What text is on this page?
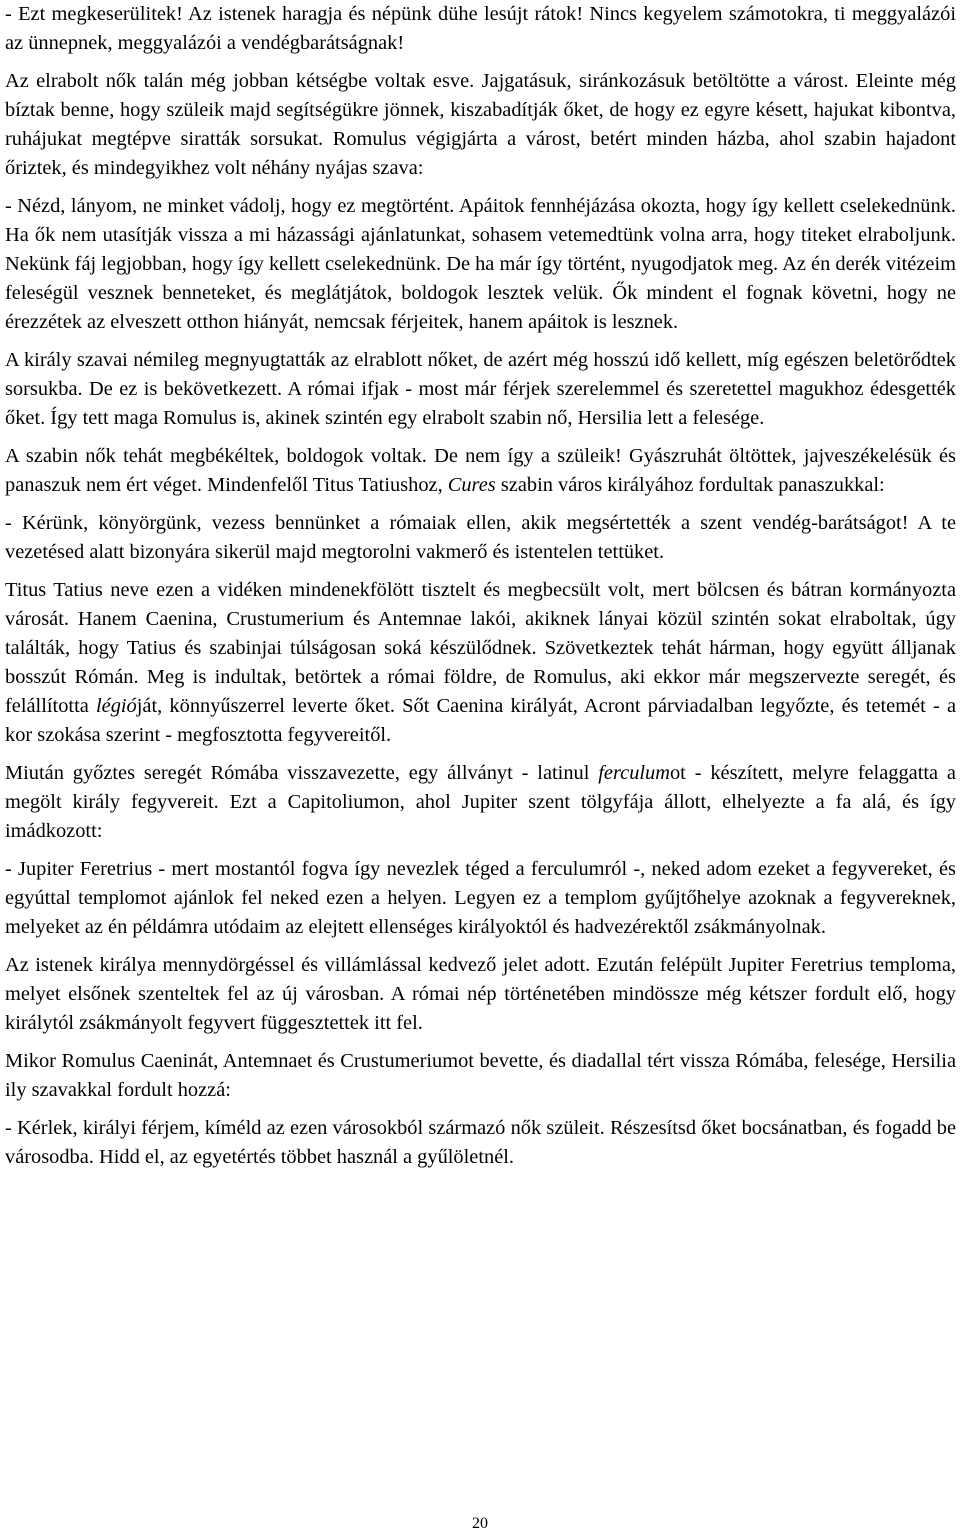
- Ezt megkeserülitek! Az istenek haragja és népünk dühe lesújt rátok! Nincs kegyelem számotokra, ti meggyalázói az ünnepnek, meggyalázói a vendégbarátságnak!

Az elrabolt nők talán még jobban kétségbe voltak esve. Jajgatásuk, siránkozásuk betöltötte a várost. Eleinte még bíztak benne, hogy szüleik majd segítségükre jönnek, kiszabadítják őket, de hogy ez egyre késett, hajukat kibontva, ruhájukat megtépve siratták sorsukat. Romulus végigjárta a várost, betért minden házba, ahol szabin hajadont őriztek, és mindegyikhez volt néhány nyájas szava:

- Nézd, lányom, ne minket vádolj, hogy ez megtörtént. Apáitok fennhéjázása okozta, hogy így kellett cselekednünk. Ha ők nem utasítják vissza a mi házassági ajánlatunkat, sohasem vetemedtünk volna arra, hogy titeket elraboljunk. Nekünk fáj legjobban, hogy így kellett cselekednünk. De ha már így történt, nyugodjatok meg. Az én derék vitézeim feleségül vesznek benneteket, és meglátjátok, boldogok lesztek velük. Ők mindent el fognak követni, hogy ne érezzétek az elveszett otthon hiányát, nemcsak férjeitek, hanem apáitok is lesznek.

A király szavai némileg megnyugtatták az elrablott nőket, de azért még hosszú idő kellett, míg egészen beletörődtek sorsukba. De ez is bekövetkezett. A római ifjak - most már férjek szerelemmel és szeretettel magukhoz édesgették őket. Így tett maga Romulus is, akinek szintén egy elrabolt szabin nő, Hersilia lett a felesége.

A szabin nők tehát megbékéltek, boldogok voltak. De nem így a szüleik! Gyászruhát öltöttek, jajveszékelésük és panaszuk nem ért véget. Mindenfelől Titus Tatiushoz, Cures szabin város királyához fordultak panaszukkal:

- Kérünk, könyörgünk, vezess bennünket a rómaiak ellen, akik megsértették a szent vendég-barátságot! A te vezetésed alatt bizonyára sikerül majd megtorolni vakmerő és istentelen tettüket.

Titus Tatius neve ezen a vidéken mindenekfölött tisztelt és megbecsült volt, mert bölcsen és bátran kormányozta városát. Hanem Caenina, Crustumerium és Antemnae lakói, akiknek lányai közül szintén sokat elraboltak, úgy találták, hogy Tatius és szabinjai túlságosan soká készülődnek. Szövetkeztek tehát hárman, hogy együtt álljanak bosszút Rómán. Meg is indultak, betörtek a római földre, de Romulus, aki ekkor már megszervezte seregét, és felállította légióját, könnyűszerrel leverte őket. Sőt Caenina királyát, Acront párviadalban legyőzte, és tetemét - a kor szokása szerint - megfosztotta fegyvereitől.

Miután győztes seregét Rómába visszavezette, egy állványt - latinul ferculumot - készített, melyre felaggatta a megölt király fegyvereit. Ezt a Capitoliumon, ahol Jupiter szent tölgyfája állott, elhelyezte a fa alá, és így imádkozott:

- Jupiter Feretrius - mert mostantól fogva így nevezlek téged a ferculumról -, neked adom ezeket a fegyvereket, és egyúttal templomot ajánlok fel neked ezen a helyen. Legyen ez a templom gyűjtőhelye azoknak a fegyvereknek, melyeket az én példámra utódaim az elejtett ellenséges királyoktól és hadvezérektől zsákmányolnak.

Az istenek királya mennydörgéssel és villámlással kedvező jelet adott. Ezután felépült Jupiter Feretrius temploma, melyet elsőnek szenteltek fel az új városban. A római nép történetében mindössze még kétszer fordult elő, hogy királytól zsákmányolt fegyvert függesztettek itt fel.

Mikor Romulus Caeninát, Antemnaet és Crustumeriumot bevette, és diadallal tért vissza Rómába, felesége, Hersilia ily szavakkal fordult hozzá:

- Kérlek, királyi férjem, kíméld az ezen városokból származó nők szüleit. Részesítsd őket bocsánatban, és fogadd be városodba. Hidd el, az egyetértés többet használ a gyűlöletnél.

20
